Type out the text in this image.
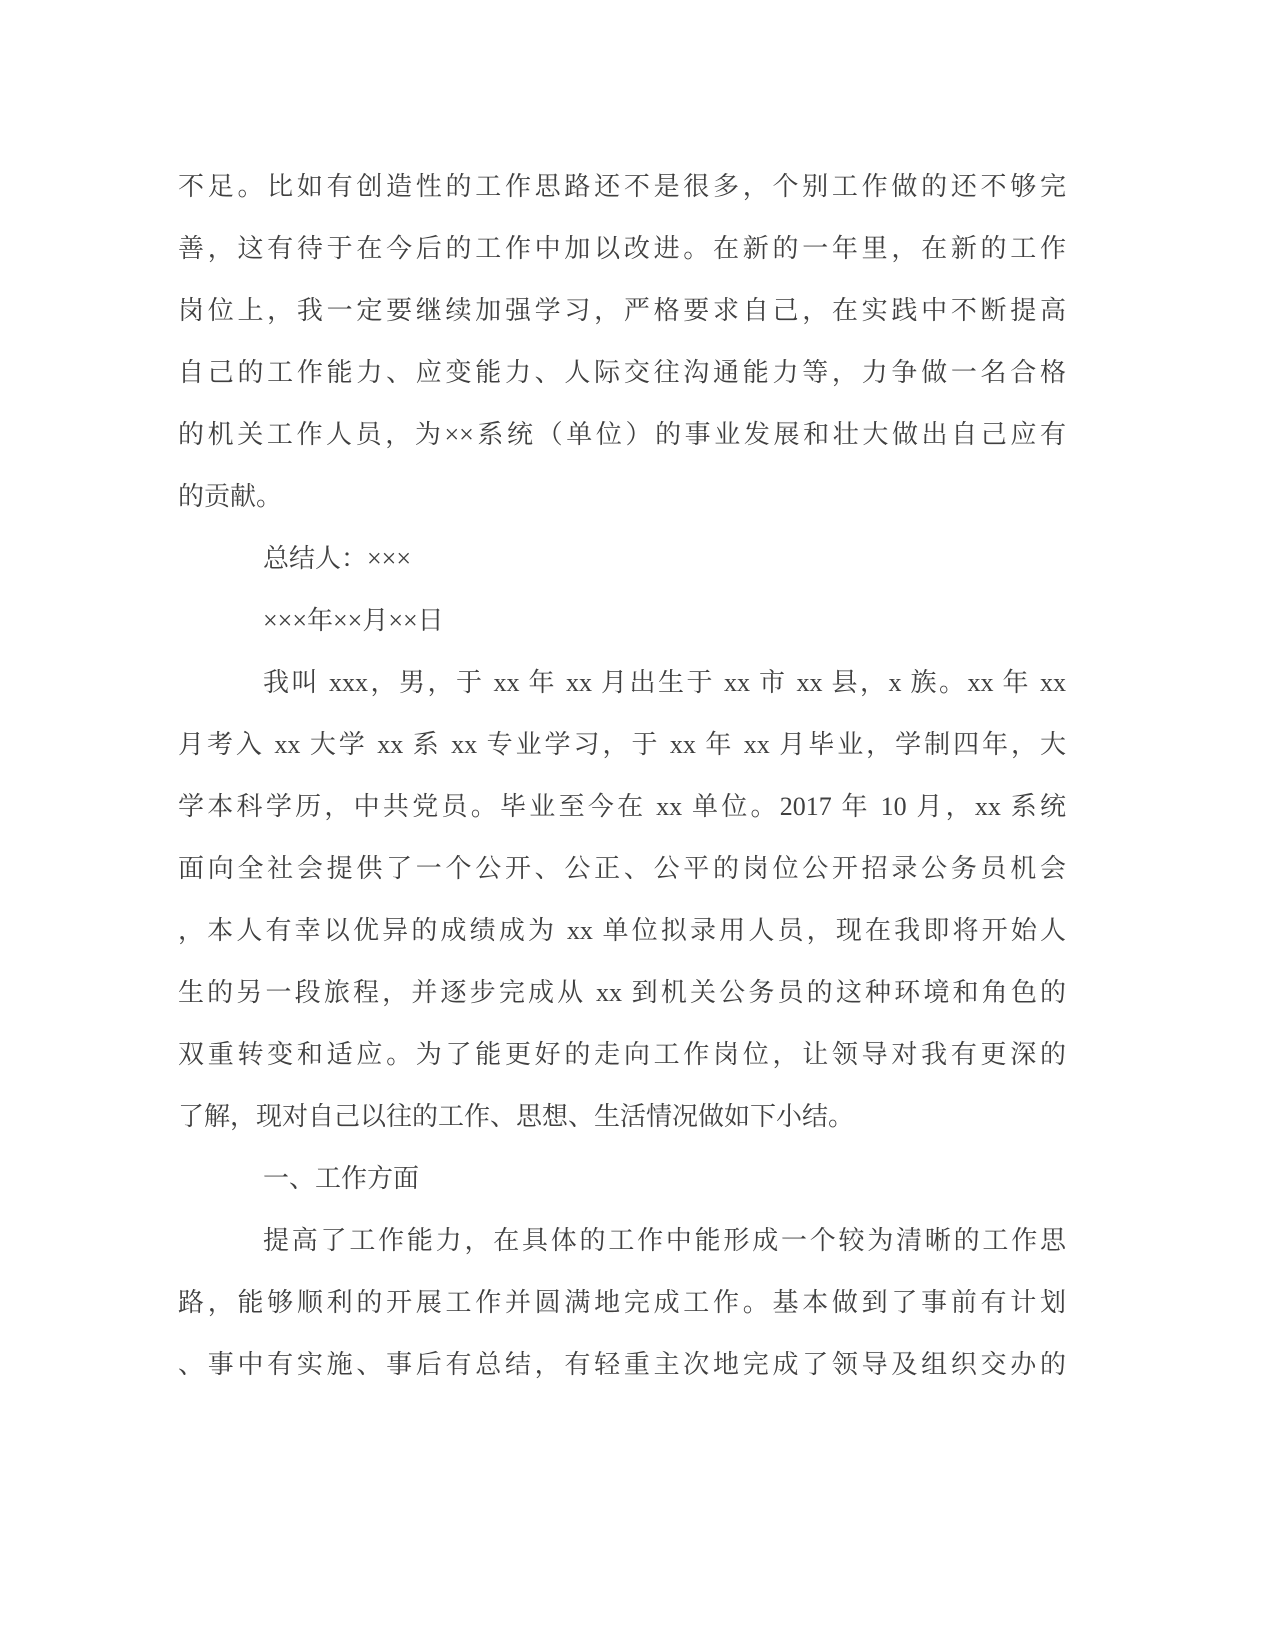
不足。比如有创造性的工作思路还不是很多，个别工作做的还不够完
善，这有待于在今后的工作中加以改进。在新的一年里，在新的工作
岗位上，我一定要继续加强学习，严格要求自己，在实践中不断提高
自己的工作能力、应变能力、人际交往沟通能力等，力争做一名合格
的机关工作人员，为××系统（单位）的事业发展和壮大做出自己应有
的贡献。
总结人：×××
×××年××月××日
我叫 xxx，男，于 xx 年 xx 月出生于 xx 市 xx 县，x 族。xx 年 xx
月考入 xx 大学 xx 系 xx 专业学习，于 xx 年 xx 月毕业，学制四年，大
学本科学历，中共党员。毕业至今在 xx 单位。2017 年 10 月，xx 系统
面向全社会提供了一个公开、公正、公平的岗位公开招录公务员机会
，本人有幸以优异的成绩成为 xx 单位拟录用人员，现在我即将开始人
生的另一段旅程，并逐步完成从 xx 到机关公务员的这种环境和角色的
双重转变和适应。为了能更好的走向工作岗位，让领导对我有更深的
了解，现对自己以往的工作、思想、生活情况做如下小结。
一、工作方面
提高了工作能力，在具体的工作中能形成一个较为清晰的工作思
路，能够顺利的开展工作并圆满地完成工作。基本做到了事前有计划
、事中有实施、事后有总结，有轻重主次地完成了领导及组织交办的
